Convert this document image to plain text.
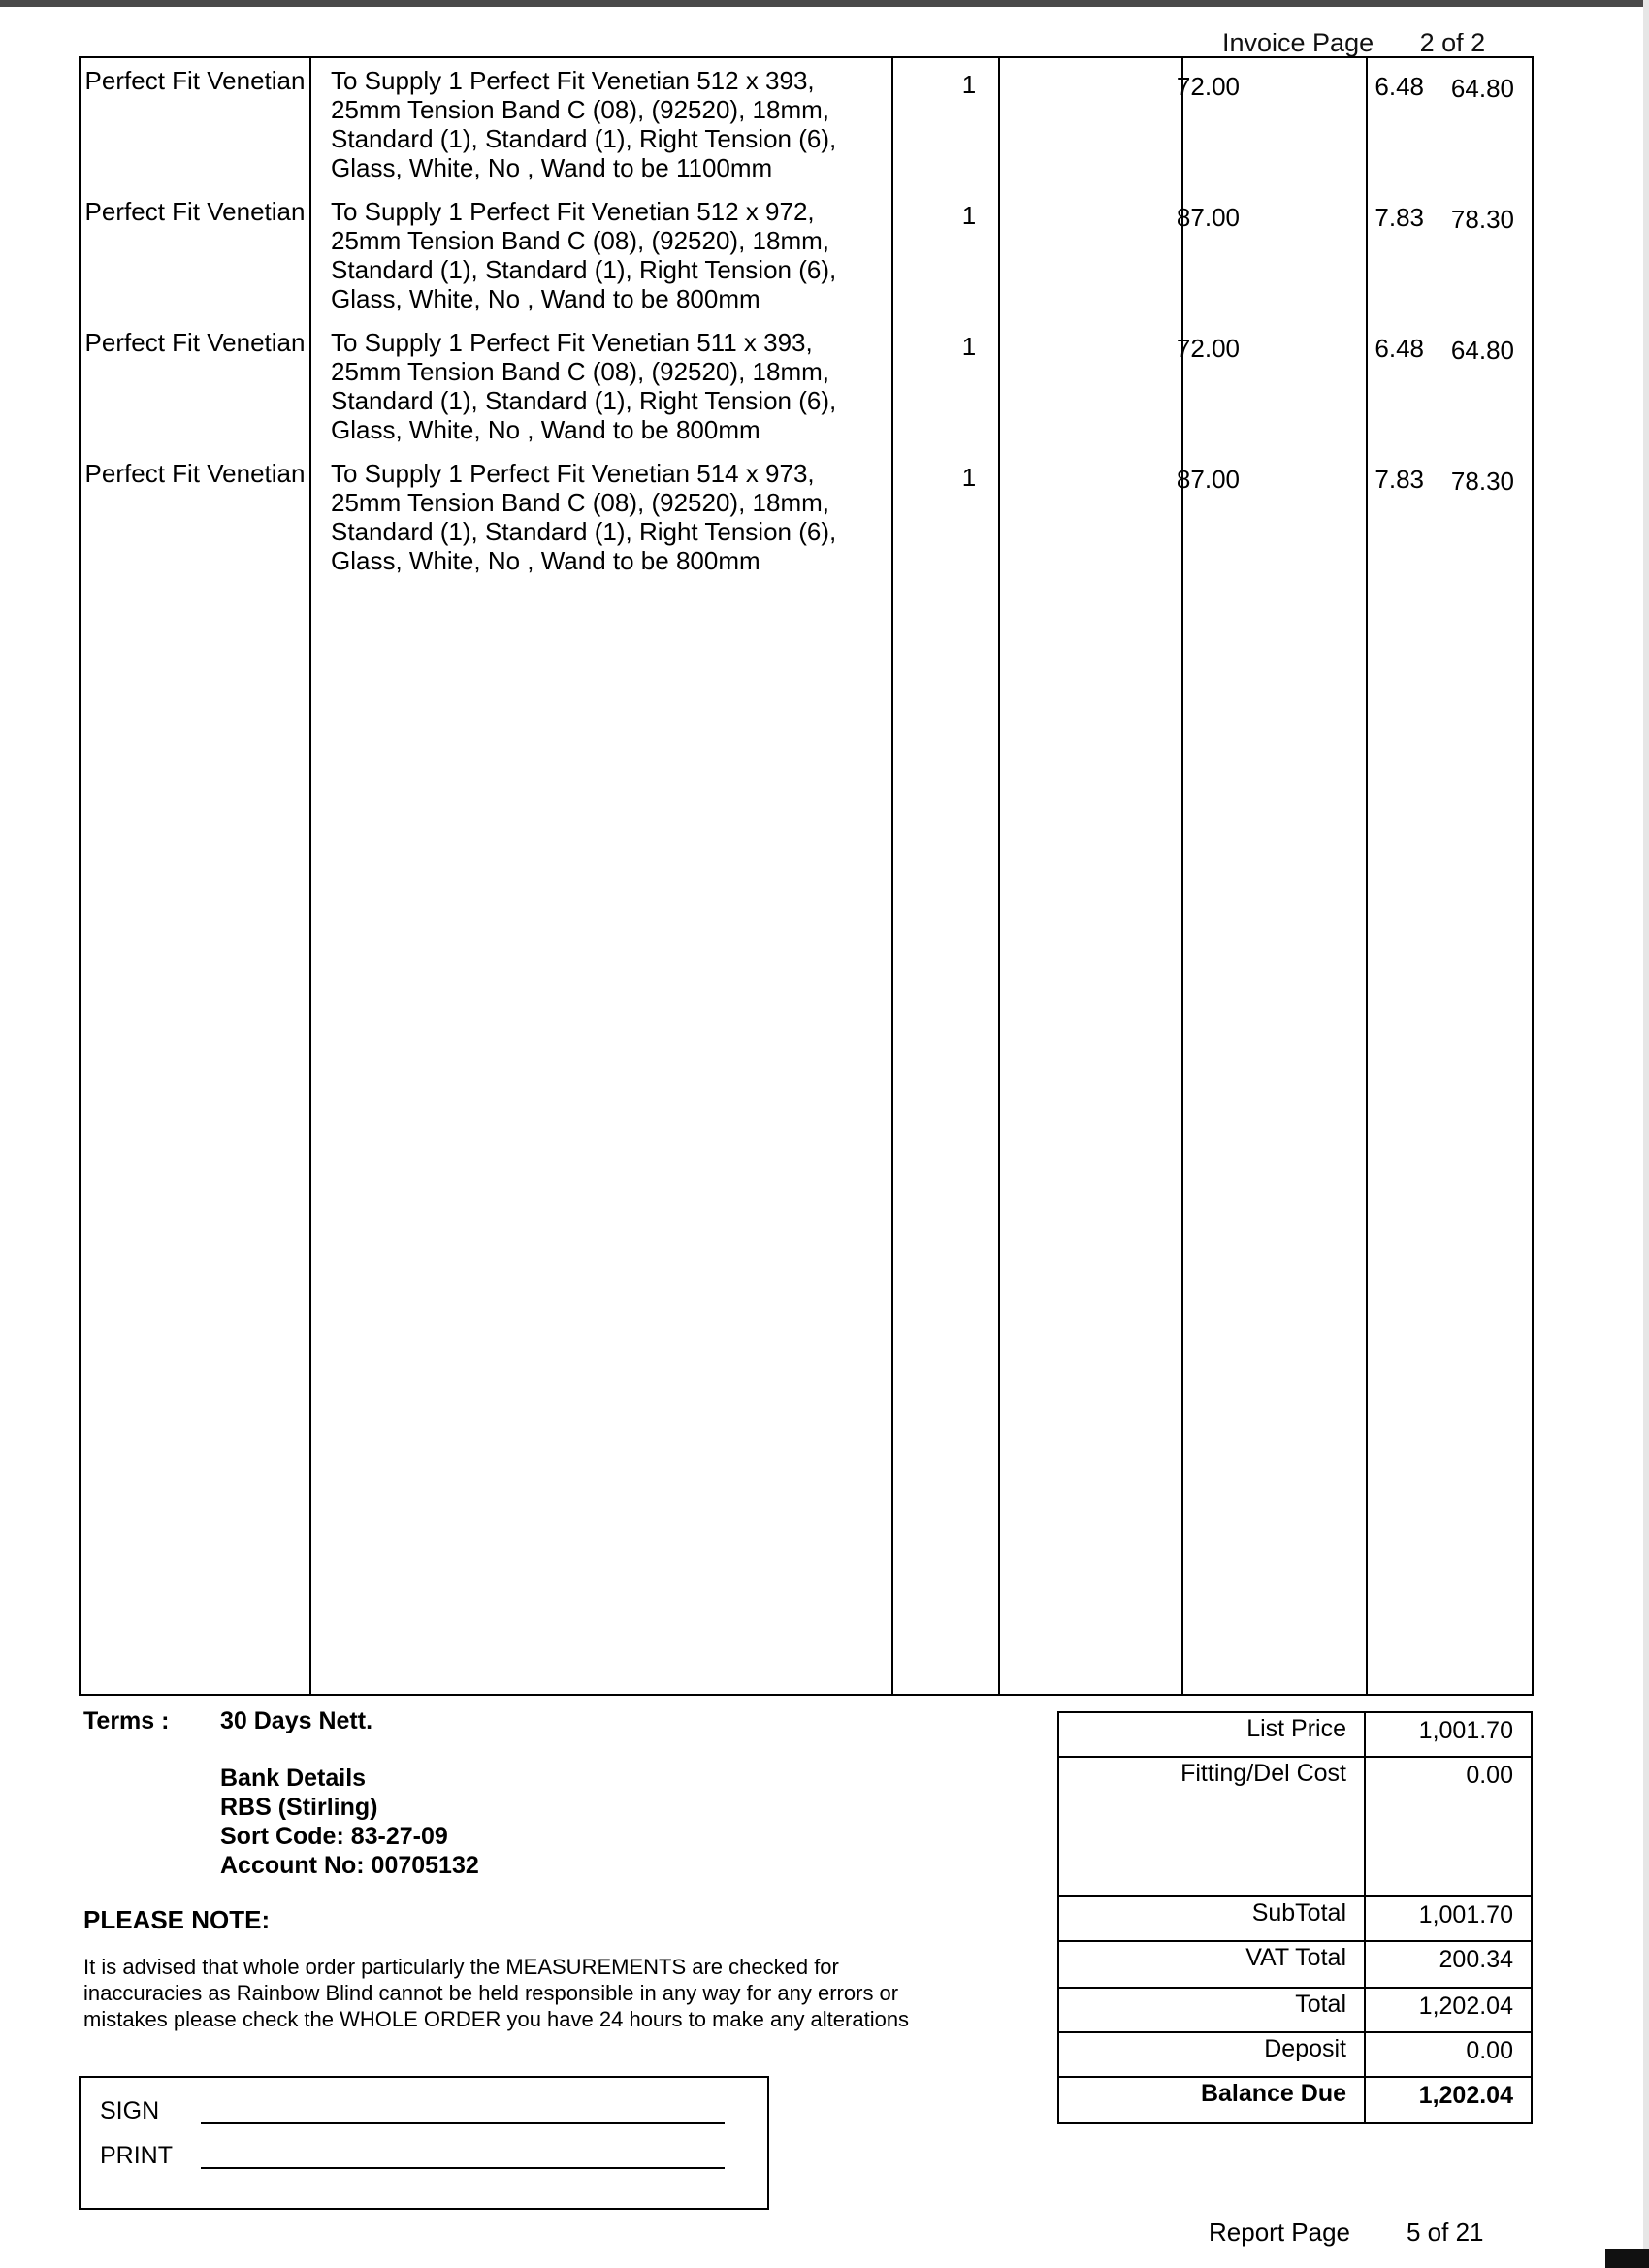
Invoice Page 2 of 2
Perfect Fit Venetian To Supply 1 Perfect Fit Venetian 512 x 393,
25mm Tension Band C (08), (92520), 18mm,
Standard (1), Standard (1), Right Tension (6),
Glass, White, No , Wand to be 1100mm
1	72.00	6.48	64.80
Perfect Fit Venetian To Supply 1 Perfect Fit Venetian 512 x 972,
25mm Tension Band C (08), (92520), 18mm,
Standard (1), Standard (1), Right Tension (6),
Glass, White, No , Wand to be 800mm
1	87.00	7.83	78.30
Perfect Fit Venetian To Supply 1 Perfect Fit Venetian 511 x 393,
25mm Tension Band C (08), (92520), 18mm,
Standard (1), Standard (1), Right Tension (6),
Glass, White, No , Wand to be 800mm
1	72.00	6.48	64.80
Perfect Fit Venetian To Supply 1 Perfect Fit Venetian 514 x 973,
25mm Tension Band C (08), (92520), 18mm,
Standard (1), Standard (1), Right Tension (6),
Glass, White, No , Wand to be 800mm
1	87.00	7.83	78.30
Terms : 30 Days Nett.
Bank Details
RBS (Stirling)
Sort Code: 83-27-09
Account No: 00705132
PLEASE NOTE:
It is advised that whole order particularly the MEASUREMENTS are checked for
inaccuracies as Rainbow Blind cannot be held responsible in any way for any errors or
mistakes please check the WHOLE ORDER you have 24 hours to make any alterations
SIGN
PRINT
List Price	1,001.70
Fitting/Del Cost	0.00
SubTotal	1,001.70
VAT Total	200.34
Total	1,202.04
Deposit	0.00
Balance Due	1,202.04
Report Page 5 of 21
